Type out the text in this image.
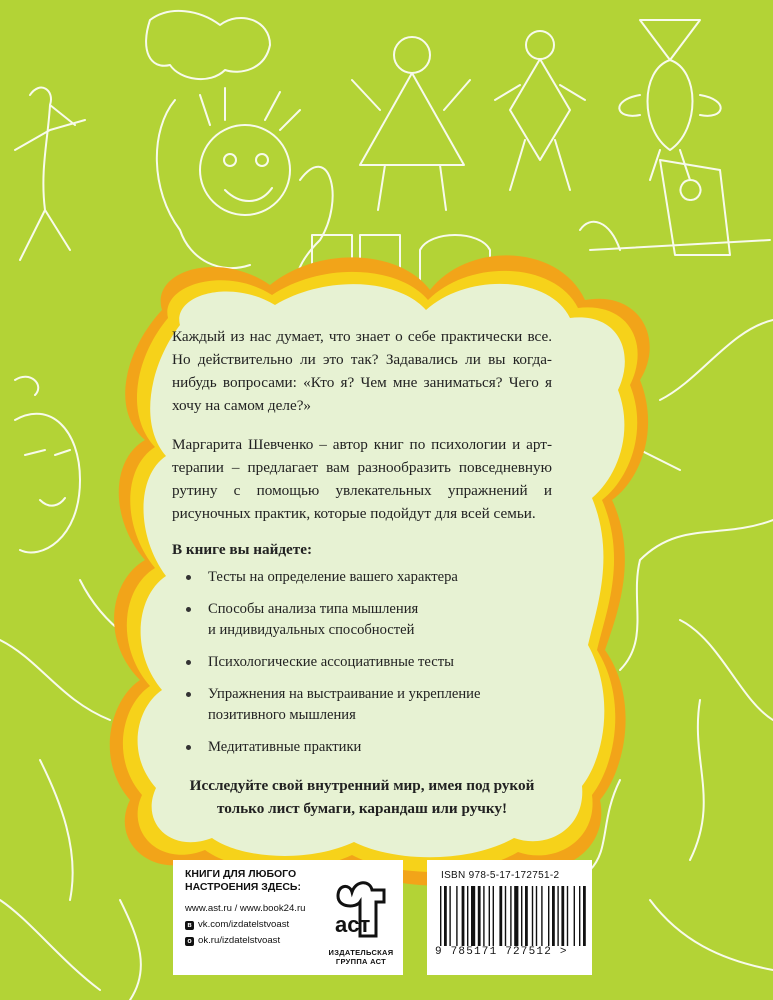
Каждый из нас думает, что знает о себе практически все. Но действительно ли это так? Задавались ли вы когда-нибудь вопросами: «Кто я? Чем мне заниматься? Чего я хочу на самом деле?»

Маргарита Шевченко – автор книг по психологии и арт-терапии – предлагает вам разнообразить повседневную рутину с помощью увлекательных упражнений и рисуночных практик, которые подойдут для всей семьи.

В книге вы найдете:

Тесты на определение вашего характера
Способы анализа типа мышления
и индивидуальных способностей
Психологические ассоциативные тесты
Упражнения на выстраивание и укрепление
позитивного мышления
Медитативные практики
Исследуйте свой внутренний мир, имея под рукой
только лист бумаги, карандаш или ручку!
КНИГИ ДЛЯ ЛЮБОГО
НАСТРОЕНИЯ ЗДЕСЬ:
www.ast.ru / www.book24.ru
в vk.com/izdatelstvoast
о ok.ru/izdatelstvoast
аст
ИЗДАТЕЛЬСКАЯ
ГРУППА АСТ
ISBN 978-5-17-172751-2
9 785171 727512 >
